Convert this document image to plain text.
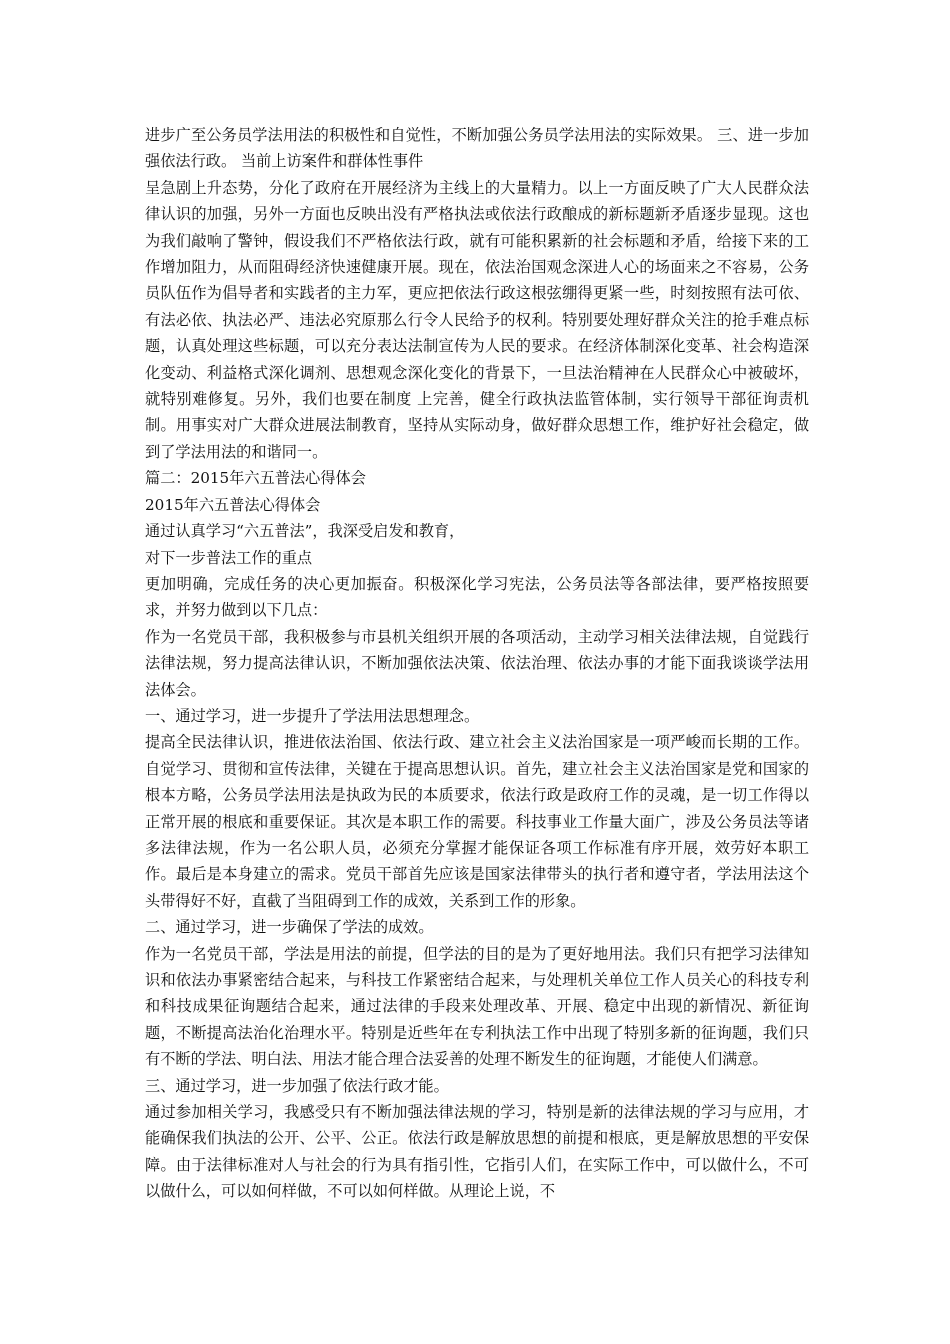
进步广至公务员学法用法的积极性和自觉性，不断加强公务员学法用法的实际效果。 三、进一步加强依法行政。 当前上访案件和群体性事件

呈急剧上升态势，分化了政府在开展经济为主线上的大量精力。以上一方面反映了广大人民群众法律认识的加强，另外一方面也反映出没有严格执法或依法行政酿成的新标题新矛盾逐步显现。这也为我们敲响了警钟，假设我们不严格依法行政，就有可能积累新的社会标题和矛盾，给接下来的工作增加阻力，从而阻碍经济快速健康开展。现在，依法治国观念深进人心的场面来之不容易，公务员队伍作为倡导者和实践者的主力军，更应把依法行政这根弦绷得更紧一些，时刻按照有法可依、有法必依、执法必严、违法必究原那么行令人民给予的权利。特别要处理好群众关注的抢手难点标题，认真处理这些标题，可以充分表达法制宣传为人民的要求。在经济体制深化变革、社会构造深化变动、利益格式深化调剂、思想观念深化变化的背景下，一旦法治精神在人民群众心中被破坏，就特别难修复。另外，我们也要在制度 上完善，健全行政执法监管体制，实行领导干部征询责机制。用事实对广大群众进展法制教育，坚持从实际动身，做好群众思想工作，维护好社会稳定，做到了学法用法的和谐同一。

篇二：2015年六五普法心得体会

2015年六五普法心得体会

通过认真学习“六五普法”，我深受启发和教育，

对下一步普法工作的重点

更加明确，完成任务的决心更加振奋。积极深化学习宪法，公务员法等各部法律，要严格按照要求，并努力做到以下几点：

作为一名党员干部，我积极参与市县机关组织开展的各项活动，主动学习相关法律法规，自觉践行法律法规，努力提高法律认识，不断加强依法决策、依法治理、依法办事的才能下面我谈谈学法用法体会。

一、通过学习，进一步提升了学法用法思想理念。

提高全民法律认识，推进依法治国、依法行政、建立社会主义法治国家是一项严峻而长期的工作。自觉学习、贯彻和宣传法律，关键在于提高思想认识。首先，建立社会主义法治国家是党和国家的根本方略，公务员学法用法是执政为民的本质要求，依法行政是政府工作的灵魂，是一切工作得以正常开展的根底和重要保证。其次是本职工作的需要。科技事业工作量大面广，涉及公务员法等诸多法律法规，作为一名公职人员，必须充分掌握才能保证各项工作标准有序开展，效劳好本职工作。最后是本身建立的需求。党员干部首先应该是国家法律带头的执行者和遵守者，学法用法这个头带得好不好，直截了当阻碍到工作的成效，关系到工作的形象。

二、通过学习，进一步确保了学法的成效。

作为一名党员干部，学法是用法的前提，但学法的目的是为了更好地用法。我们只有把学习法律知识和依法办事紧密结合起来，与科技工作紧密结合起来，与处理机关单位工作人员关心的科技专利和科技成果征询题结合起来，通过法律的手段来处理改革、开展、稳定中出现的新情况、新征询题，不断提高法治化治理水平。特别是近些年在专利执法工作中出现了特别多新的征询题，我们只有不断的学法、明白法、用法才能合理合法妥善的处理不断发生的征询题，才能使人们满意。

三、通过学习，进一步加强了依法行政才能。

通过参加相关学习，我感受只有不断加强法律法规的学习，特别是新的法律法规的学习与应用，才能确保我们执法的公开、公平、公正。依法行政是解放思想的前提和根底，更是解放思想的平安保障。由于法律标准对人与社会的行为具有指引性，它指引人们，在实际工作中，可以做什么，不可以做什么，可以如何样做，不可以如何样做。从理论上说，不
